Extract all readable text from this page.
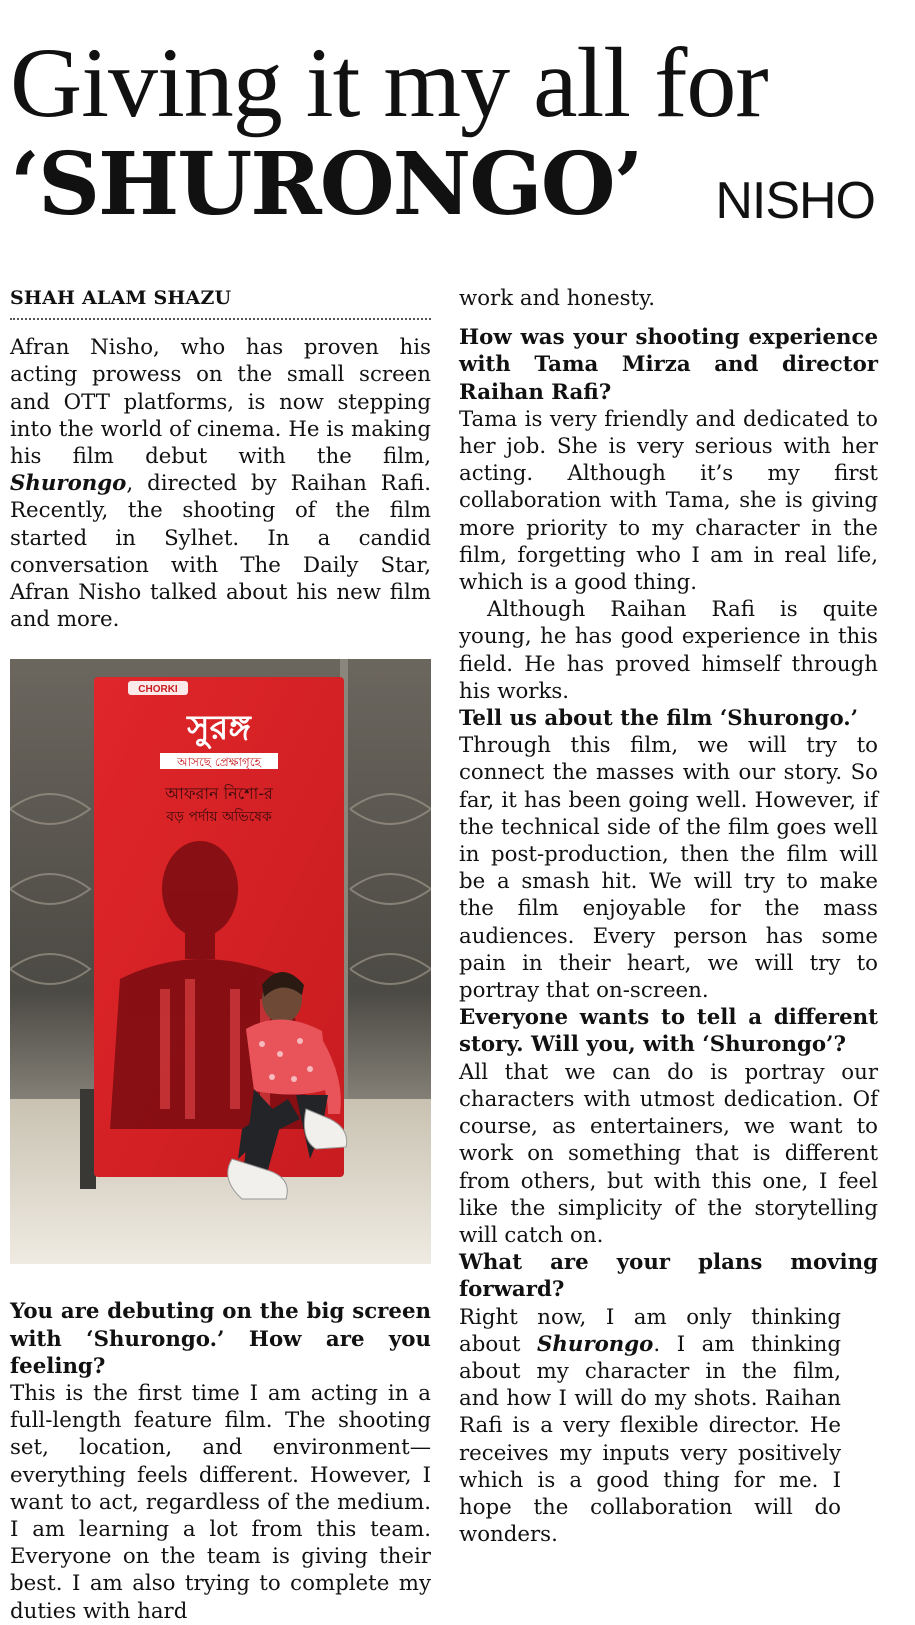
Giving it my all for
‘SHURONGO’ NISHO
SHAH ALAM SHAZU

Afran Nisho, who has proven his acting prowess on the small screen and OTT platforms, is now stepping into the world of cinema. He is making his film debut with the film, Shurongo, directed by Raihan Rafi. Recently, the shooting of the film started in Sylhet. In a candid conversation with The Daily Star, Afran Nisho talked about his new film and more.

CHORKI
সুরঙ্গ
আসছে প্রেক্ষাগৃহে
আফরান নিশো-র
বড় পর্দায় অভিষেক

You are debuting on the big screen with ‘Shurongo.’ How are you feeling?

This is the first time I am acting in a full-length feature film. The shooting set, location, and environment—everything feels different. However, I want to act, regardless of the medium. I am learning a lot from this team. Everyone on the team is giving their best. I am also trying to complete my duties with hard

work and honesty.

How was your shooting experience with Tama Mirza and director Raihan Rafi?

Tama is very friendly and dedicated to her job. She is very serious with her acting. Although it’s my first collaboration with Tama, she is giving more priority to my character in the film, forgetting who I am in real life, which is a good thing.

Although Raihan Rafi is quite young, he has good experience in this field. He has proved himself through his works.

Tell us about the film ‘Shurongo.’

Through this film, we will try to connect the masses with our story. So far, it has been going well. However, if the technical side of the film goes well in post-production, then the film will be a smash hit. We will try to make the film enjoyable for the mass audiences. Every person has some pain in their heart, we will try to portray that on-screen.

Everyone wants to tell a different story. Will you, with ‘Shurongo’?

All that we can do is portray our characters with utmost dedication. Of course, as entertainers, we want to work on something that is different from others, but with this one, I feel like the simplicity of the storytelling will catch on.

What are your plans moving forward?

Right now, I am only thinking about Shurongo. I am thinking about my character in the film, and how I will do my shots. Raihan Rafi is a very flexible director. He receives my inputs very positively which is a good thing for me. I hope the collaboration will do wonders.
